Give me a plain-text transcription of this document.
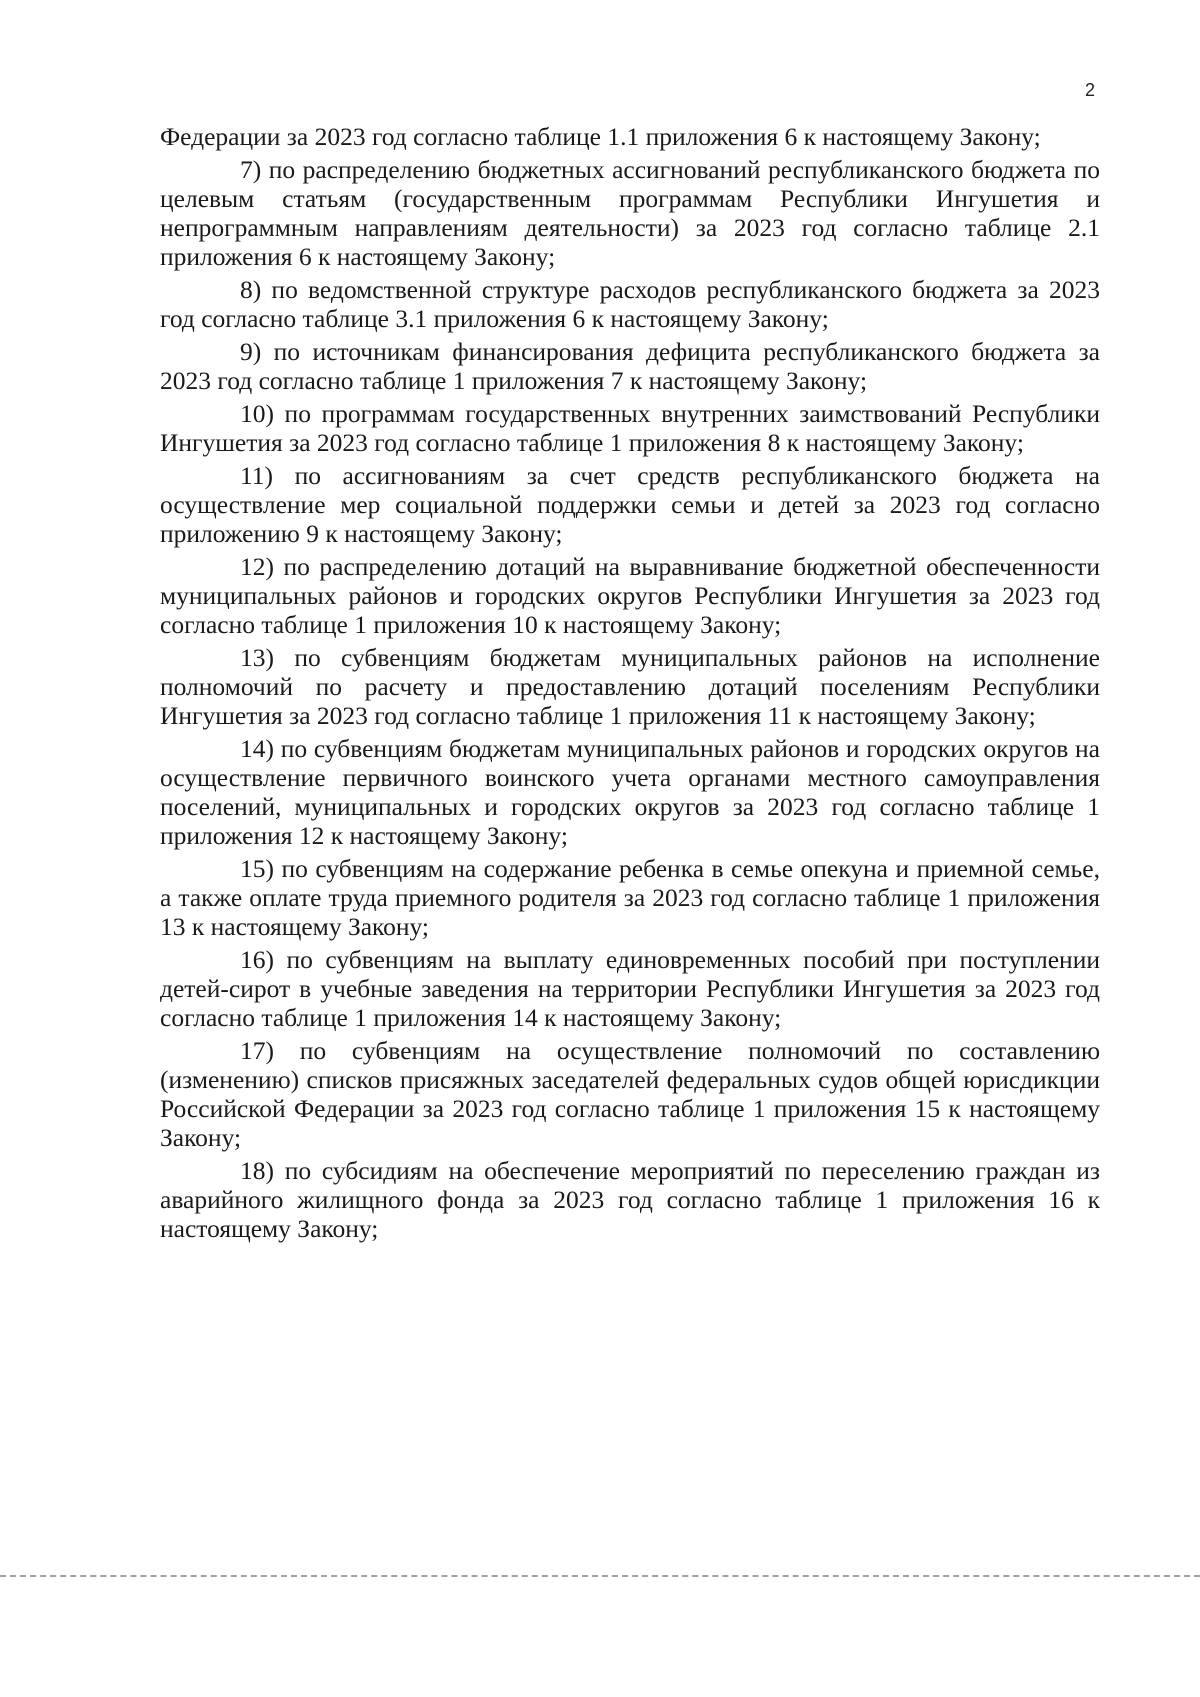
2

Федерации за 2023 год согласно таблице 1.1 приложения 6 к настоящему Закону;

7) по распределению бюджетных ассигнований республиканского бюджета по целевым статьям (государственным программам Республики Ингушетия и непрограммным направлениям деятельности) за 2023 год согласно таблице 2.1 приложения 6 к настоящему Закону;

8) по ведомственной структуре расходов республиканского бюджета за 2023 год согласно таблице 3.1 приложения 6 к настоящему Закону;

9) по источникам финансирования дефицита республиканского бюджета за 2023 год согласно таблице 1 приложения 7 к настоящему Закону;

10) по программам государственных внутренних заимствований Республики Ингушетия за 2023 год согласно таблице 1 приложения 8 к настоящему Закону;

11) по ассигнованиям за счет средств республиканского бюджета на осуществление мер социальной поддержки семьи и детей за 2023 год согласно приложению 9 к настоящему Закону;

12) по распределению дотаций на выравнивание бюджетной обеспеченности муниципальных районов и городских округов Республики Ингушетия за 2023 год согласно таблице 1 приложения 10 к настоящему Закону;

13) по субвенциям бюджетам муниципальных районов на исполнение полномочий по расчету и предоставлению дотаций поселениям Республики Ингушетия за 2023 год согласно таблице 1 приложения 11 к настоящему Закону;

14) по субвенциям бюджетам муниципальных районов и городских округов на осуществление первичного воинского учета органами местного самоуправления поселений, муниципальных и городских округов за 2023 год согласно таблице 1 приложения 12 к настоящему Закону;

15) по субвенциям на содержание ребенка в семье опекуна и приемной семье, а также оплате труда приемного родителя за 2023 год согласно таблице 1 приложения 13 к настоящему Закону;

16) по субвенциям на выплату единовременных пособий при поступлении детей-сирот в учебные заведения на территории Республики Ингушетия за 2023 год согласно таблице 1 приложения 14 к настоящему Закону;

17) по субвенциям на осуществление полномочий по составлению (изменению) списков присяжных заседателей федеральных судов общей юрисдикции Российской Федерации за 2023 год согласно таблице 1 приложения 15 к настоящему Закону;

18) по субсидиям на обеспечение мероприятий по переселению граждан из аварийного жилищного фонда за 2023 год согласно таблице 1 приложения 16 к настоящему Закону;
